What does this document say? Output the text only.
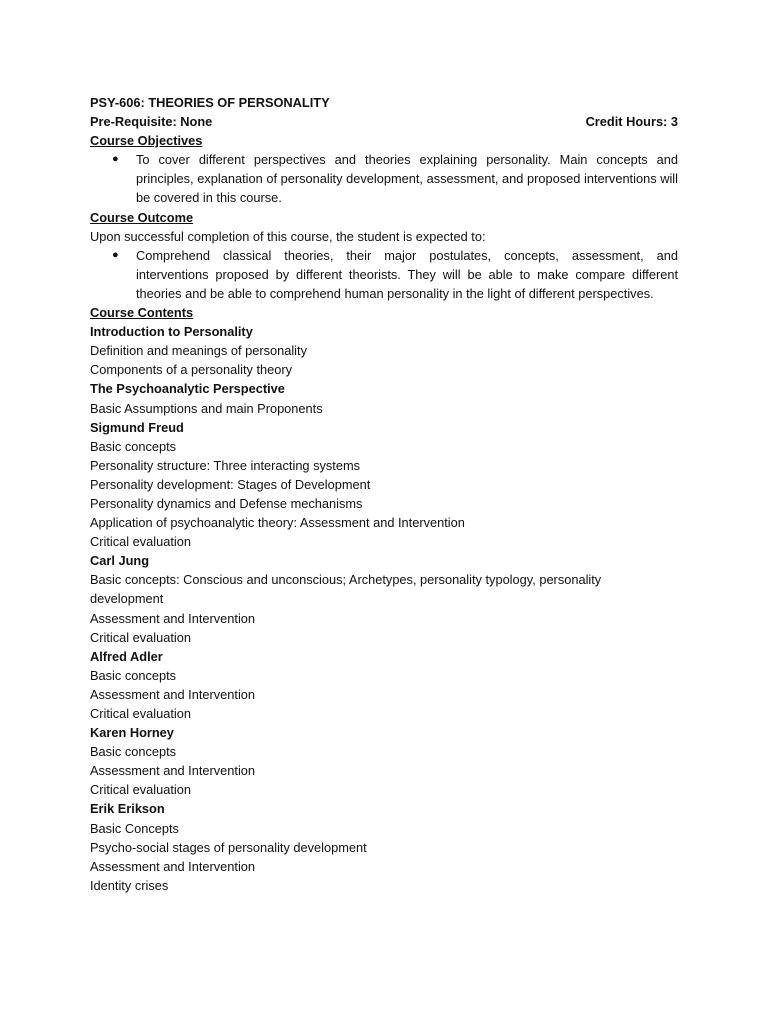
PSY-606: THEORIES OF PERSONALITY
Pre-Requisite: None	Credit Hours: 3
Course Objectives
● To cover different perspectives and theories explaining personality. Main concepts and principles, explanation of personality development, assessment, and proposed interventions will be covered in this course.
Course Outcome
Upon successful completion of this course, the student is expected to:
● Comprehend classical theories, their major postulates, concepts, assessment, and interventions proposed by different theorists. They will be able to make compare different theories and be able to comprehend human personality in the light of different perspectives.
Course Contents
Introduction to Personality
Definition and meanings of personality
Components of a personality theory
The Psychoanalytic Perspective
Basic Assumptions and main Proponents
Sigmund Freud
Basic concepts
Personality structure: Three interacting systems
Personality development: Stages of Development
Personality dynamics and Defense mechanisms
Application of psychoanalytic theory: Assessment and Intervention
Critical evaluation
Carl Jung
Basic concepts: Conscious and unconscious; Archetypes, personality typology, personality development
Assessment and Intervention
Critical evaluation
Alfred Adler
Basic concepts
Assessment and Intervention
Critical evaluation
Karen Horney
Basic concepts
Assessment and Intervention
Critical evaluation
Erik Erikson
Basic Concepts
Psycho-social stages of personality development
Assessment and Intervention
Identity crises
